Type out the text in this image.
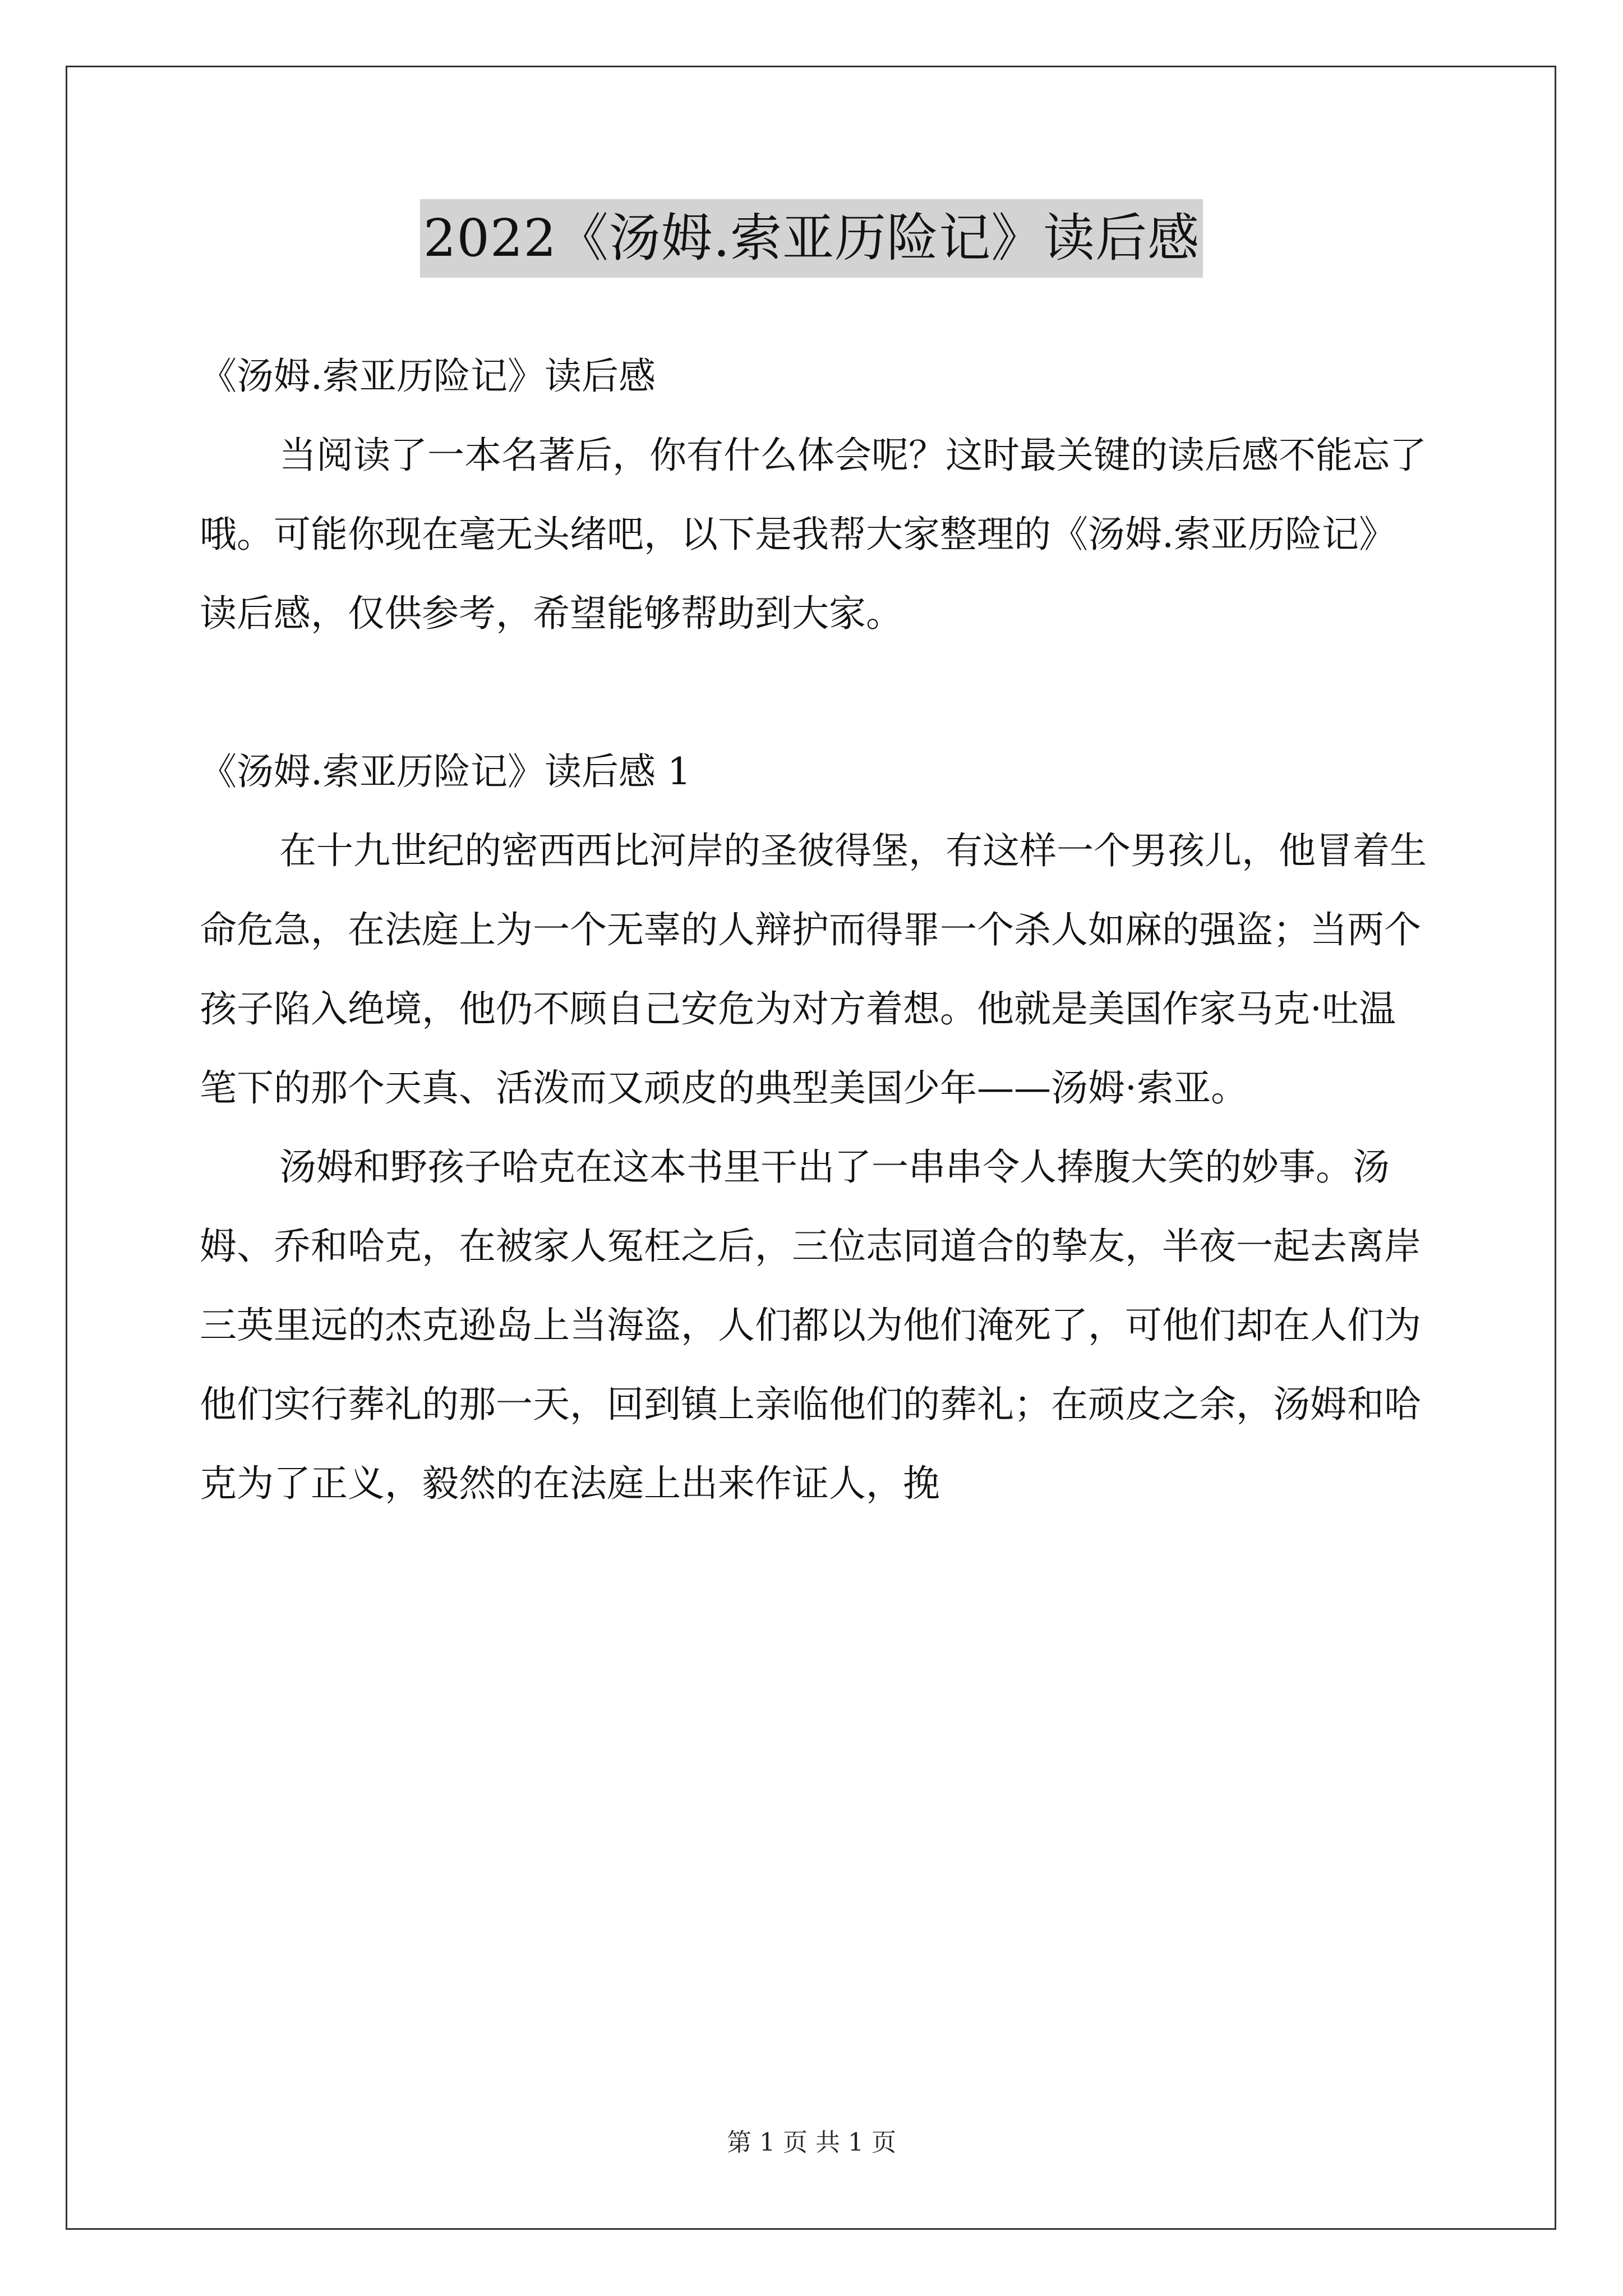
2022《汤姆.索亚历险记》读后感

《汤姆.索亚历险记》读后感

当阅读了一本名著后，你有什么体会呢？这时最关键的读后感不能忘了哦。可能你现在毫无头绪吧，以下是我帮大家整理的《汤姆.索亚历险记》读后感，仅供参考，希望能够帮助到大家。

《汤姆.索亚历险记》读后感 1

在十九世纪的密西西比河岸的圣彼得堡，有这样一个男孩儿，他冒着生命危急，在法庭上为一个无辜的人辩护而得罪一个杀人如麻的强盗；当两个孩子陷入绝境，他仍不顾自己安危为对方着想。他就是美国作家马克·吐温笔下的那个天真、活泼而又顽皮的典型美国少年——汤姆·索亚。

汤姆和野孩子哈克在这本书里干出了一串串令人捧腹大笑的妙事。汤姆、乔和哈克，在被家人冤枉之后，三位志同道合的挚友，半夜一起去离岸三英里远的杰克逊岛上当海盗，人们都以为他们淹死了，可他们却在人们为他们实行葬礼的那一天，回到镇上亲临他们的葬礼；在顽皮之余，汤姆和哈克为了正义，毅然的在法庭上出来作证人，挽

第 1 页 共 1 页
